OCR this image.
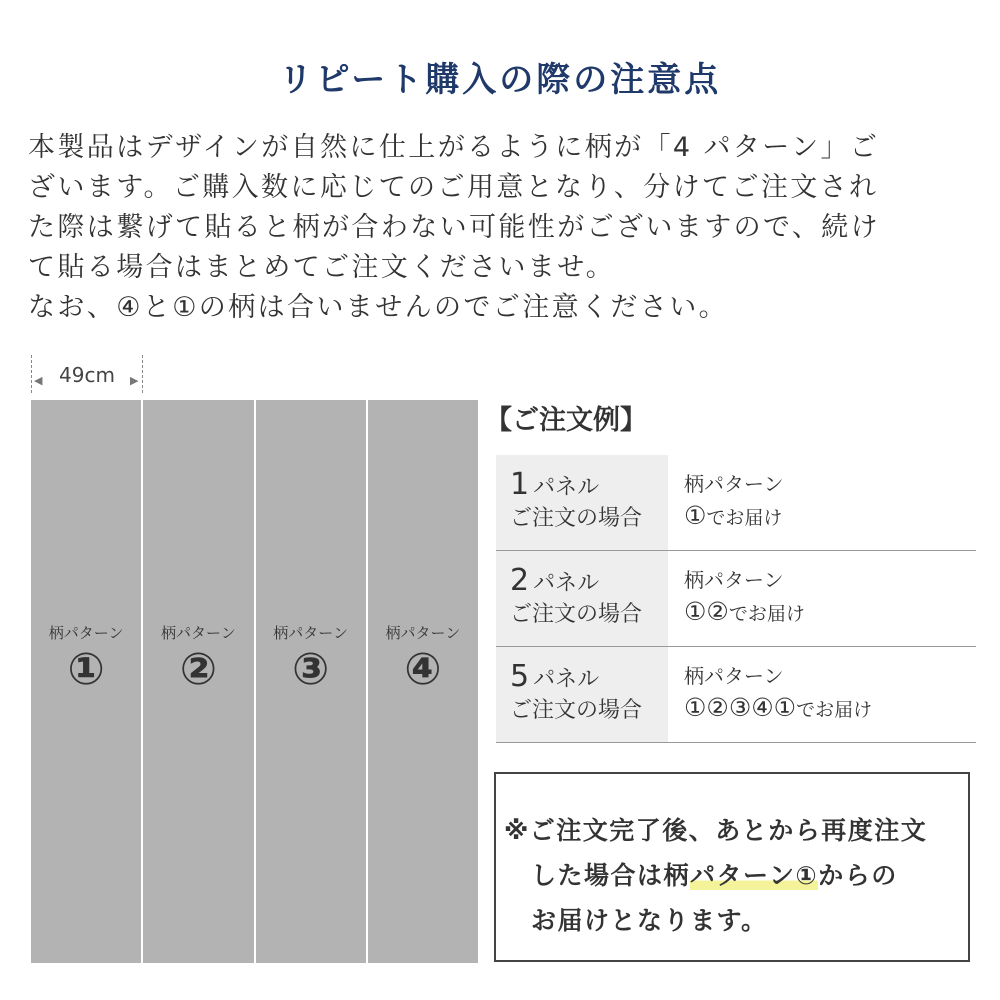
リピート購入の際の注意点

本製品はデザインが自然に仕上がるように柄が「4 パターン」ご

ざいます。ご購入数に応じてのご用意となり、分けてご注文され

た際は繋げて貼ると柄が合わない可能性がございますので、続け

て貼る場合はまとめてご注文くださいませ。

なお、④と①の柄は合いませんのでご注意ください。

◀	▶
49cm
柄パターン
①
柄パターン
②
柄パターン
③
柄パターン
④
【ご注文例】
1 パネル
ご注文の場合
柄パターン
①でお届け
2 パネル
ご注文の場合
柄パターン
①②でお届け
5 パネル
ご注文の場合
柄パターン
①②③④①でお届け

※ご注文完了後、あとから再度注文

した場合は柄パターン①からの

お届けとなります。
